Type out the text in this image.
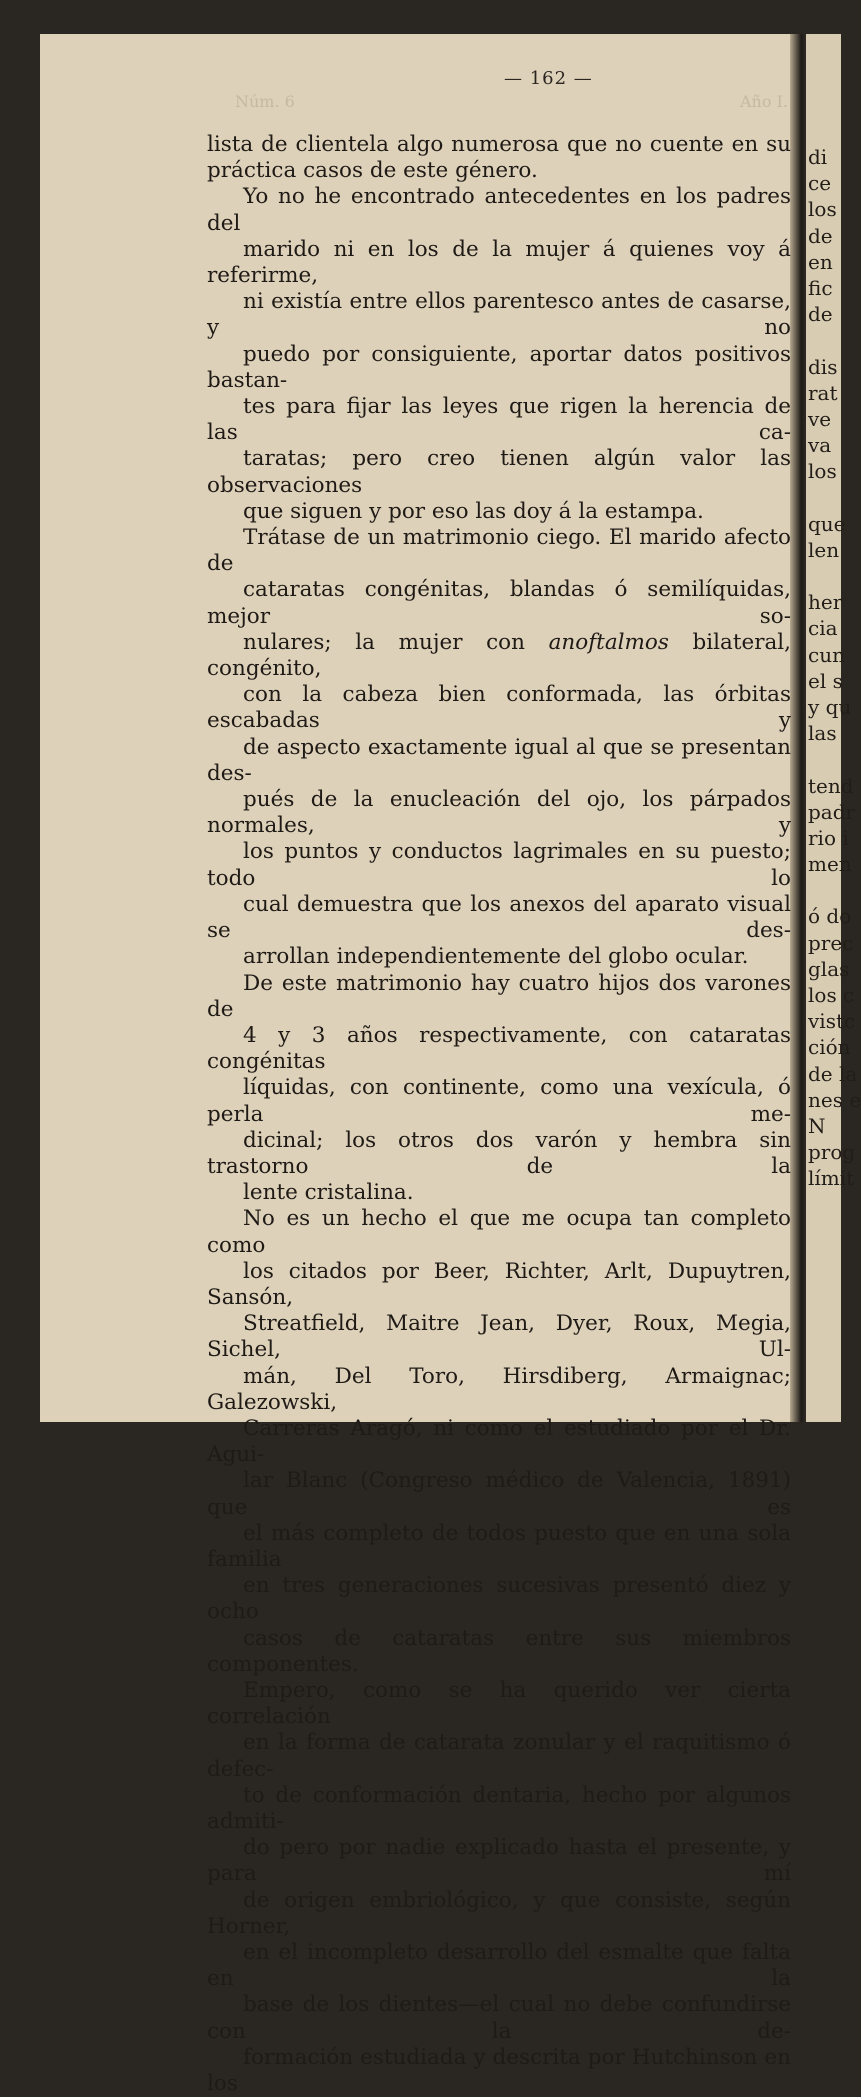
Núm. 6
— 162 —
Año I.
lista de clientela algo numerosa que no cuente en su
práctica casos de este género.
Yo no he encontrado antecedentes en los padres del
marido ni en los de la mujer á quienes voy á referirme,
ni existía entre ellos parentesco antes de casarse, y no
puedo por consiguiente, aportar datos positivos bastan-
tes para fijar las leyes que rigen la herencia de las ca-
taratas; pero creo tienen algún valor las observaciones
que siguen y por eso las doy á la estampa.
Trátase de un matrimonio ciego. El marido afecto de
cataratas congénitas, blandas ó semilíquidas, mejor so-
nulares; la mujer con anoftalmos bilateral, congénito,
con la cabeza bien conformada, las órbitas escabadas y
de aspecto exactamente igual al que se presentan des-
pués de la enucleación del ojo, los párpados normales, y
los puntos y conductos lagrimales en su puesto; todo lo
cual demuestra que los anexos del aparato visual se des-
arrollan independientemente del globo ocular.
De este matrimonio hay cuatro hijos dos varones de
4 y 3 años respectivamente, con cataratas congénitas
líquidas, con continente, como una vexícula, ó perla me-
dicinal; los otros dos varón y hembra sin trastorno de la
lente cristalina.
No es un hecho el que me ocupa tan completo como
los citados por Beer, Richter, Arlt, Dupuytren, Sansón,
Streatfield, Maitre Jean, Dyer, Roux, Megia, Sichel, Ul-
mán, Del Toro, Hirsdiberg, Armaignac; Galezowski,
Carreras Aragó, ni como el estudiado por el Dr. Agui-
lar Blanc (Congreso médico de Valencia, 1891) que es
el más completo de todos puesto que en una sola familia
en tres generaciones sucesivas presentó diez y ocho
casos de cataratas entre sus miembros componentes.
Empero, como se ha querido ver cierta correlación
en la forma de catarata zonular y el raquitismo ó defec-
to de conformación dentaria, hecho por algunos admiti-
do pero por nadie explicado hasta el presente, y para mí
de origen embriológico, y que consiste, según Horner,
en el incompleto desarrollo del esmalte que falta en la
base de los dientes—el cual no debe confundirse con la de-
formación estudiada y descrita por Hutchinson en los
di
ce
los
de
en
fic
de
dis
rat
ve
va
los
que
len
her
cia
cun
el s
y qu
las
tend
padr
rio i
men
ó do
prec
glas
los c
vistc
ción
de la
nes e
N
prog
límit
